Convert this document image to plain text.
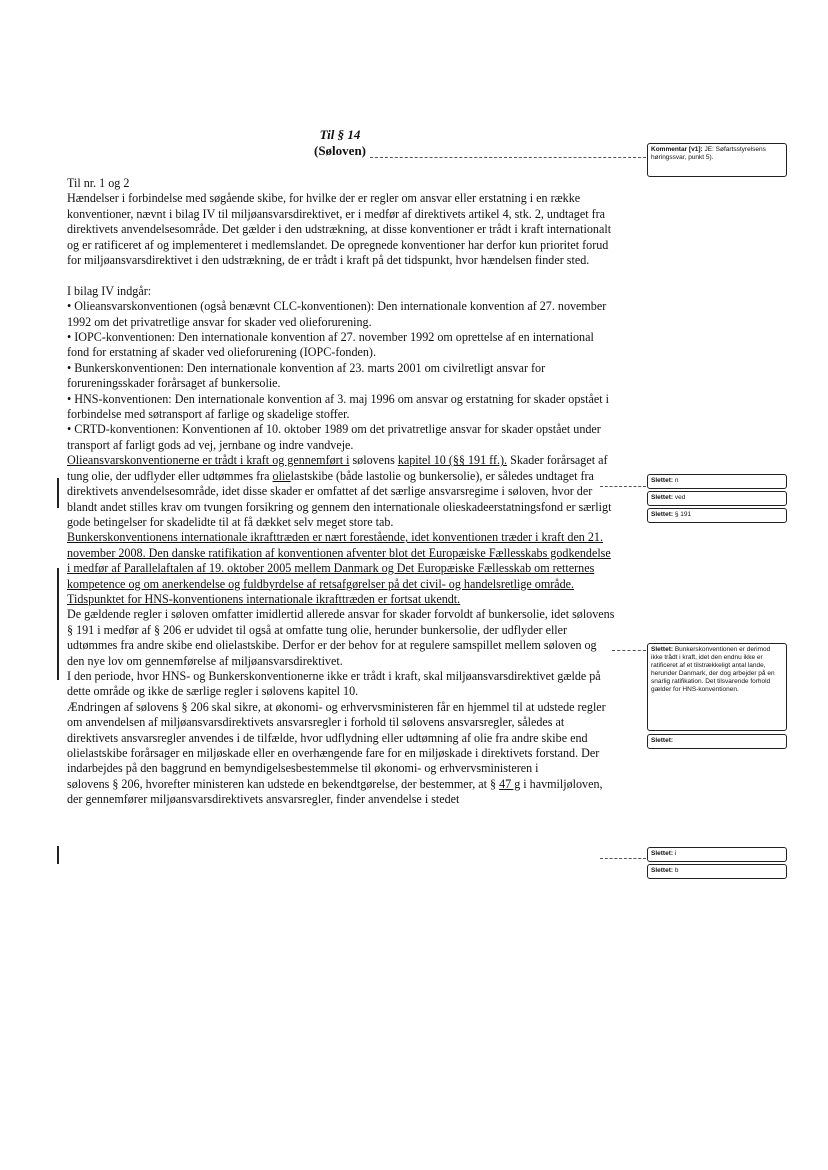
Til § 14
(Søloven)

Til nr. 1 og 2

Hændelser i forbindelse med søgående skibe, for hvilke der er regler om ansvar eller erstatning i en række konventioner, nævnt i bilag IV til miljøansvarsdirektivet, er i medfør af direktivets artikel 4, stk. 2, undtaget fra direktivets anvendelsesområde. Det gælder i den udstrækning, at disse konventioner er trådt i kraft internationalt og er ratificeret af og implementeret i medlemslandet. De opregnede konventioner har derfor kun prioritet forud for miljøansvarsdirektivet i den udstrækning, de er trådt i kraft på det tidspunkt, hvor hændelsen finder sted.

I bilag IV indgår:

• Olieansvarskonventionen (også benævnt CLC-konventionen): Den internationale konvention af 27. november 1992 om det privatretlige ansvar for skader ved olieforurening.

• IOPC-konventionen: Den internationale konvention af 27. november 1992 om oprettelse af en international fond for erstatning af skader ved olieforurening (IOPC-fonden).

• Bunkerskonventionen: Den internationale konvention af 23. marts 2001 om civilretligt ansvar for forureningsskader forårsaget af bunkersolie.

• HNS-konventionen: Den internationale konvention af 3. maj 1996 om ansvar og erstatning for skader opstået i forbindelse med søtransport af farlige og skadelige stoffer.

• CRTD-konventionen: Konventionen af 10. oktober 1989 om det privatretlige ansvar for skader opstået under transport af farligt gods ad vej, jernbane og indre vandveje.

Olieansvarskonventionerne er trådt i kraft og gennemført i sølovens kapitel 10 (§§ 191 ff.). Skader forårsaget af tung olie, der udflyder eller udtømmes fra olielastskibe (både lastolie og bunkersolie), er således undtaget fra direktivets anvendelsesområde, idet disse skader er omfattet af det særlige ansvarsregime i søloven, hvor der blandt andet stilles krav om tvungen forsikring og gennem den internationale olieskadeerstatningsfond er særligt gode betingelser for skadelidte til at få dækket selv meget store tab.

Bunkerskonventionens internationale ikrafttræden er nært forestående, idet konventionen træder i kraft den 21. november 2008. Den danske ratifikation af konventionen afventer blot det Europæiske Fællesskabs godkendelse i medfør af Parallelaftalen af 19. oktober 2005 mellem Danmark og Det Europæiske Fællesskab om retternes kompetence og om anerkendelse og fuldbyrdelse af retsafgørelser på det civil- og handelsretlige område. Tidspunktet for HNS-konventionens internationale ikrafttræden er fortsat ukendt.

De gældende regler i søloven omfatter imidlertid allerede ansvar for skader forvoldt af bunkersolie, idet sølovens § 191 i medfør af § 206 er udvidet til også at omfatte tung olie, herunder bunkersolie, der udflyder eller udtømmes fra andre skibe end olielastskibe. Derfor er der behov for at regulere samspillet mellem søloven og den nye lov om gennemførelse af miljøansvarsdirektivet.

I den periode, hvor HNS- og Bunkerskonventionerne ikke er trådt i kraft, skal miljøansvarsdirektivet gælde på dette område og ikke de særlige regler i sølovens kapitel 10.

Ændringen af sølovens § 206 skal sikre, at økonomi- og erhvervsministeren får en hjemmel til at udstede regler om anvendelsen af miljøansvarsdirektivets ansvarsregler i forhold til sølovens ansvarsregler, således at direktivets ansvarsregler anvendes i de tilfælde, hvor udflydning eller udtømning af olie fra andre skibe end olielastskibe forårsager en miljøskade eller en overhængende fare for en miljøskade i direktivets forstand. Der indarbejdes på den baggrund en bemyndigelsesbestemmelse til økonomi- og erhvervsministeren i

sølovens § 206, hvorefter ministeren kan udstede en bekendtgørelse, der bestemmer, at § 47 g i havmiljøloven, der gennemfører miljøansvarsdirektivets ansvarsregler, finder anvendelse i stedet

Kommentar [v1]: JE: Søfartsstyrelsens høringssvar, punkt 5).
Slettet: n
Slettet: ved
Slettet: § 191
Slettet: Bunkerskonventionen er derimod ikke trådt i kraft, idet den endnu ikke er ratificeret af et tilstrækkeligt antal lande, herunder Danmark, der dog arbejder på en snarlig ratifikation. Det tilsvarende forhold gælder for HNS-konventionen.
Slettet:
Slettet: i
Slettet: b
